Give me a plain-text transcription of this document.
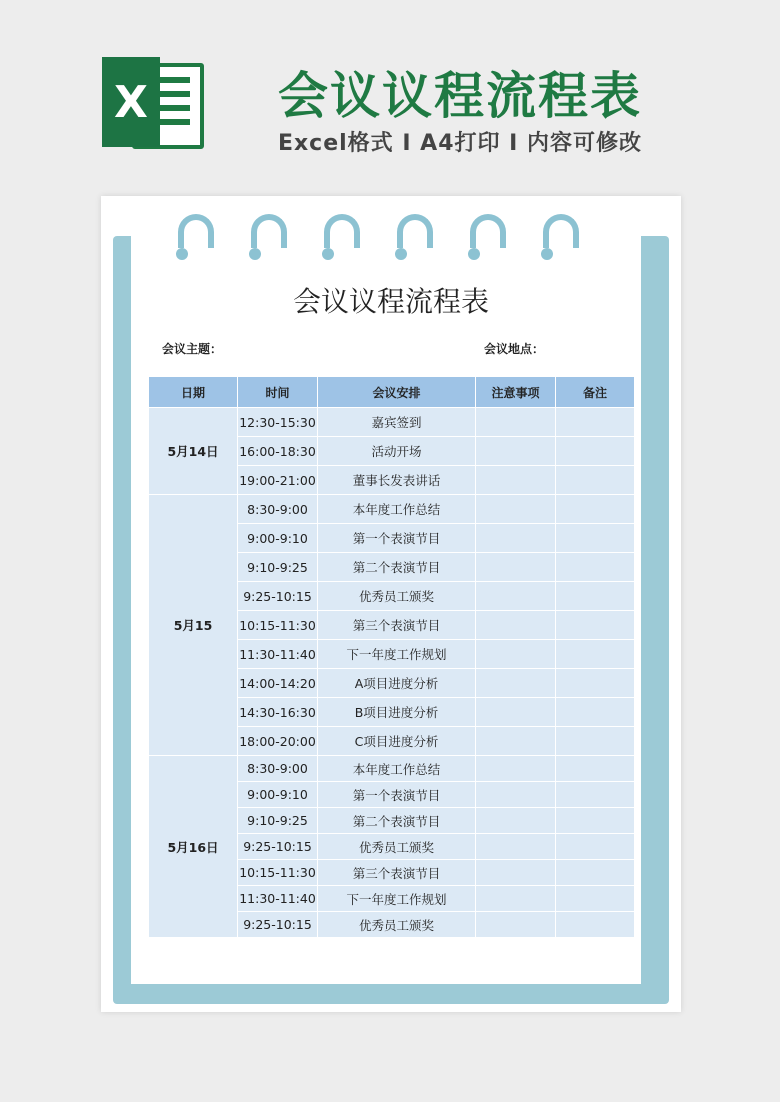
X	会议议程流程表
Excel格式 I A4打印 I 内容可修改
会议议程流程表
会议主题：	会议地点：
日期	时间	会议安排	注意事项	备注
5月14日	12:30-15:30	嘉宾签到		
	16:00-18:30	活动开场		
	19:00-21:00	董事长发表讲话		
5月15	8:30-9:00	本年度工作总结		
	9:00-9:10	第一个表演节目		
	9:10-9:25	第二个表演节目		
	9:25-10:15	优秀员工颁奖		
	10:15-11:30	第三个表演节目		
	11:30-11:40	下一年度工作规划		
	14:00-14:20	A项目进度分析		
	14:30-16:30	B项目进度分析		
	18:00-20:00	C项目进度分析		
5月16日	8:30-9:00	本年度工作总结		
	9:00-9:10	第一个表演节目		
	9:10-9:25	第二个表演节目		
	9:25-10:15	优秀员工颁奖		
	10:15-11:30	第三个表演节目		
	11:30-11:40	下一年度工作规划		
	9:25-10:15	优秀员工颁奖		
